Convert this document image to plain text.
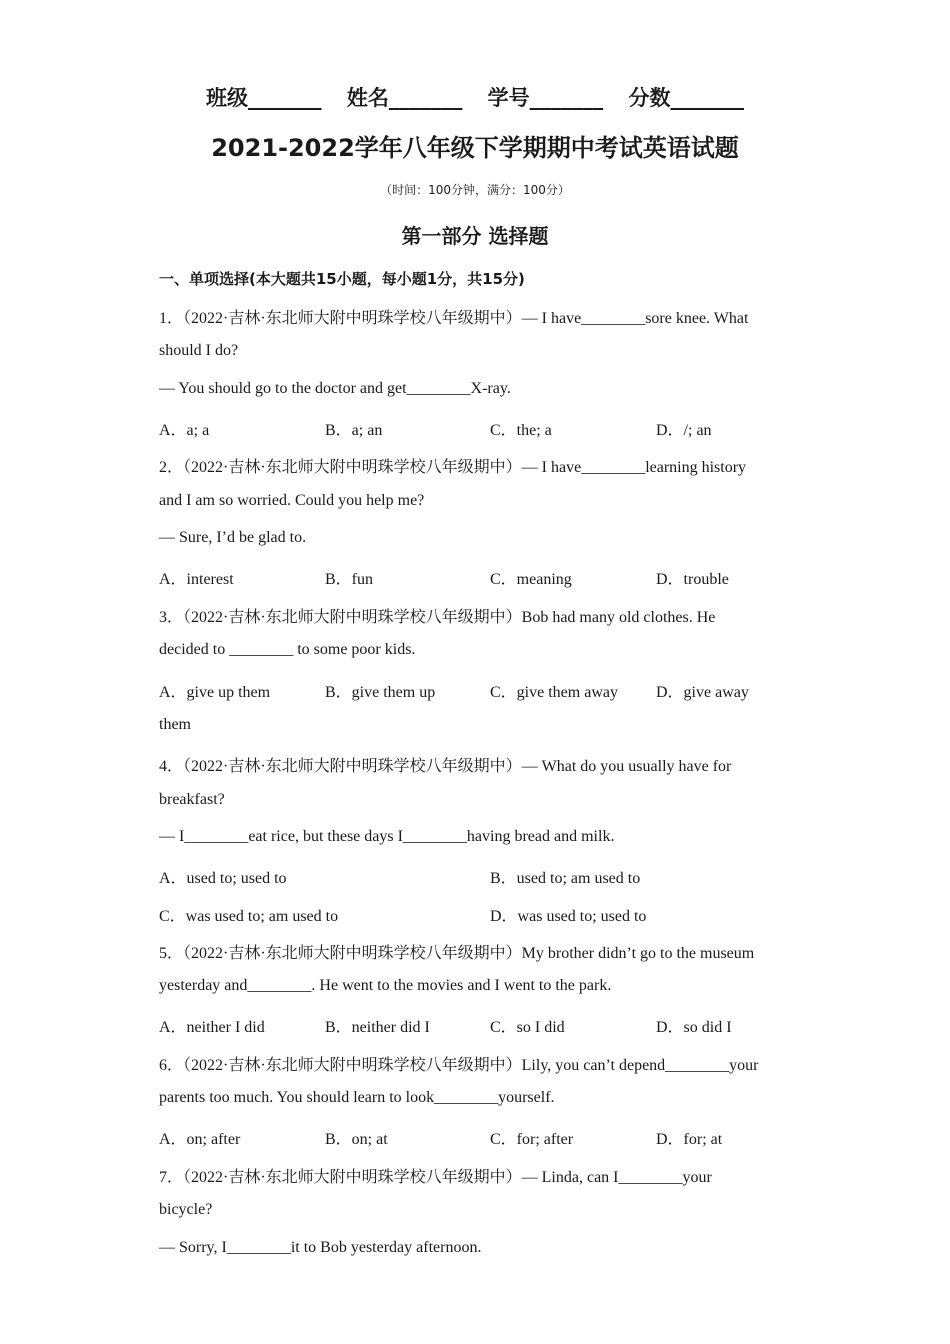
班级_______ 姓名_______ 学号_______ 分数_______
2021-2022学年八年级下学期期中考试英语试题
（时间：100分钟，满分：100分）
第一部分 选择题
一、单项选择(本大题共15小题，每小题1分，共15分)
1．（2022·吉林·东北师大附中明珠学校八年级期中）— I have________sore knee. What
should I do?
— You should go to the doctor and get________X-ray.
A．a; a	B．a; an	C．the; a	D．/; an
2．（2022·吉林·东北师大附中明珠学校八年级期中）— I have________learning history
and I am so worried. Could you help me?
— Sure, I’d be glad to.
A．interest	B．fun	C．meaning	D．trouble
3．（2022·吉林·东北师大附中明珠学校八年级期中）Bob had many old clothes. He
decided to ________ to some poor kids.
A．give up them	B．give them up	C．give them away D．give away
them
4．（2022·吉林·东北师大附中明珠学校八年级期中）— What do you usually have for
breakfast?
— I________eat rice, but these days I________having bread and milk.
A．used to; used to	B．used to; am used to
C．was used to; am used to	D．was used to; used to
5．（2022·吉林·东北师大附中明珠学校八年级期中）My brother didn’t go to the museum
yesterday and________. He went to the movies and I went to the park.
A．neither I did	B．neither did I	C．so I did	D．so did I
6．（2022·吉林·东北师大附中明珠学校八年级期中）Lily, you can’t depend________your
parents too much. You should learn to look________yourself.
A．on; after	B．on; at	C．for; after	D．for; at
7．（2022·吉林·东北师大附中明珠学校八年级期中）— Linda, can I________your
bicycle?
— Sorry, I________it to Bob yesterday afternoon.
